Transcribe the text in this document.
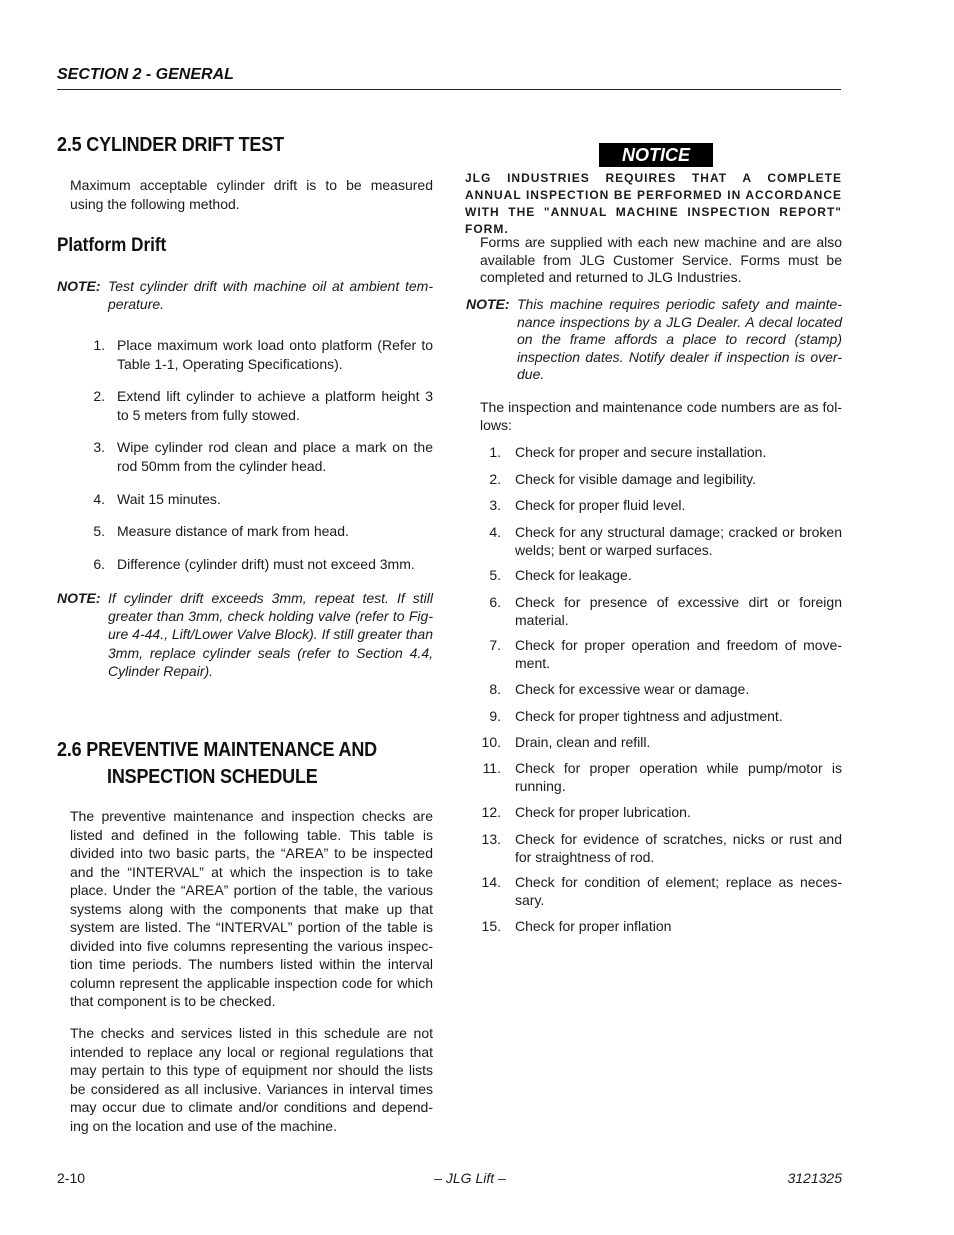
SECTION 2 - GENERAL
2.5 CYLINDER DRIFT TEST
Maximum acceptable cylinder drift is to be measured using the following method.
Platform Drift
NOTE: Test cylinder drift with machine oil at ambient tem-perature.
1. Place maximum work load onto platform (Refer to Table 1-1, Operating Specifications).
2. Extend lift cylinder to achieve a platform height 3 to 5 meters from fully stowed.
3. Wipe cylinder rod clean and place a mark on the rod 50mm from the cylinder head.
4. Wait 15 minutes.
5. Measure distance of mark from head.
6. Difference (cylinder drift) must not exceed 3mm.
NOTE: If cylinder drift exceeds 3mm, repeat test. If still greater than 3mm, check holding valve (refer to Fig-ure 4-44., Lift/Lower Valve Block). If still greater than 3mm, replace cylinder seals (refer to Section 4.4, Cylinder Repair).
2.6 PREVENTIVE MAINTENANCE AND
INSPECTION SCHEDULE
The preventive maintenance and inspection checks are listed and defined in the following table. This table is divided into two basic parts, the “AREA” to be inspected and the “INTERVAL” at which the inspection is to take place. Under the “AREA” portion of the table, the various systems along with the components that make up that system are listed. The “INTERVAL” portion of the table is divided into five columns representing the various inspec-tion time periods. The numbers listed within the interval column represent the applicable inspection code for which that component is to be checked.
The checks and services listed in this schedule are not intended to replace any local or regional regulations that may pertain to this type of equipment nor should the lists be considered as all inclusive. Variances in interval times may occur due to climate and/or conditions and depend-ing on the location and use of the machine.
NOTICE
JLG INDUSTRIES REQUIRES THAT A COMPLETE ANNUAL INSPECTION BE PERFORMED IN ACCORDANCE WITH THE "ANNUAL MACHINE INSPECTION REPORT" FORM.
Forms are supplied with each new machine and are also available from JLG Customer Service. Forms must be completed and returned to JLG Industries.
NOTE: This machine requires periodic safety and mainte-nance inspections by a JLG Dealer. A decal located on the frame affords a place to record (stamp) inspection dates. Notify dealer if inspection is over-due.
The inspection and maintenance code numbers are as fol-lows:
1.	Check for proper and secure installation.
2.	Check for visible damage and legibility.
3.	Check for proper fluid level.
4.	Check for any structural damage; cracked or broken welds; bent or warped surfaces.
5.	Check for leakage.
6.	Check for presence of excessive dirt or foreign material.
7.	Check for proper operation and freedom of move-ment.
8.	Check for excessive wear or damage.
9.	Check for proper tightness and adjustment.
10.	Drain, clean and refill.
11.	Check for proper operation while pump/motor is running.
12.	Check for proper lubrication.
13.	Check for evidence of scratches, nicks or rust and for straightness of rod.
14.	Check for condition of element; replace as neces-sary.
15.	Check for proper inflation
2-10	– JLG Lift –	3121325
